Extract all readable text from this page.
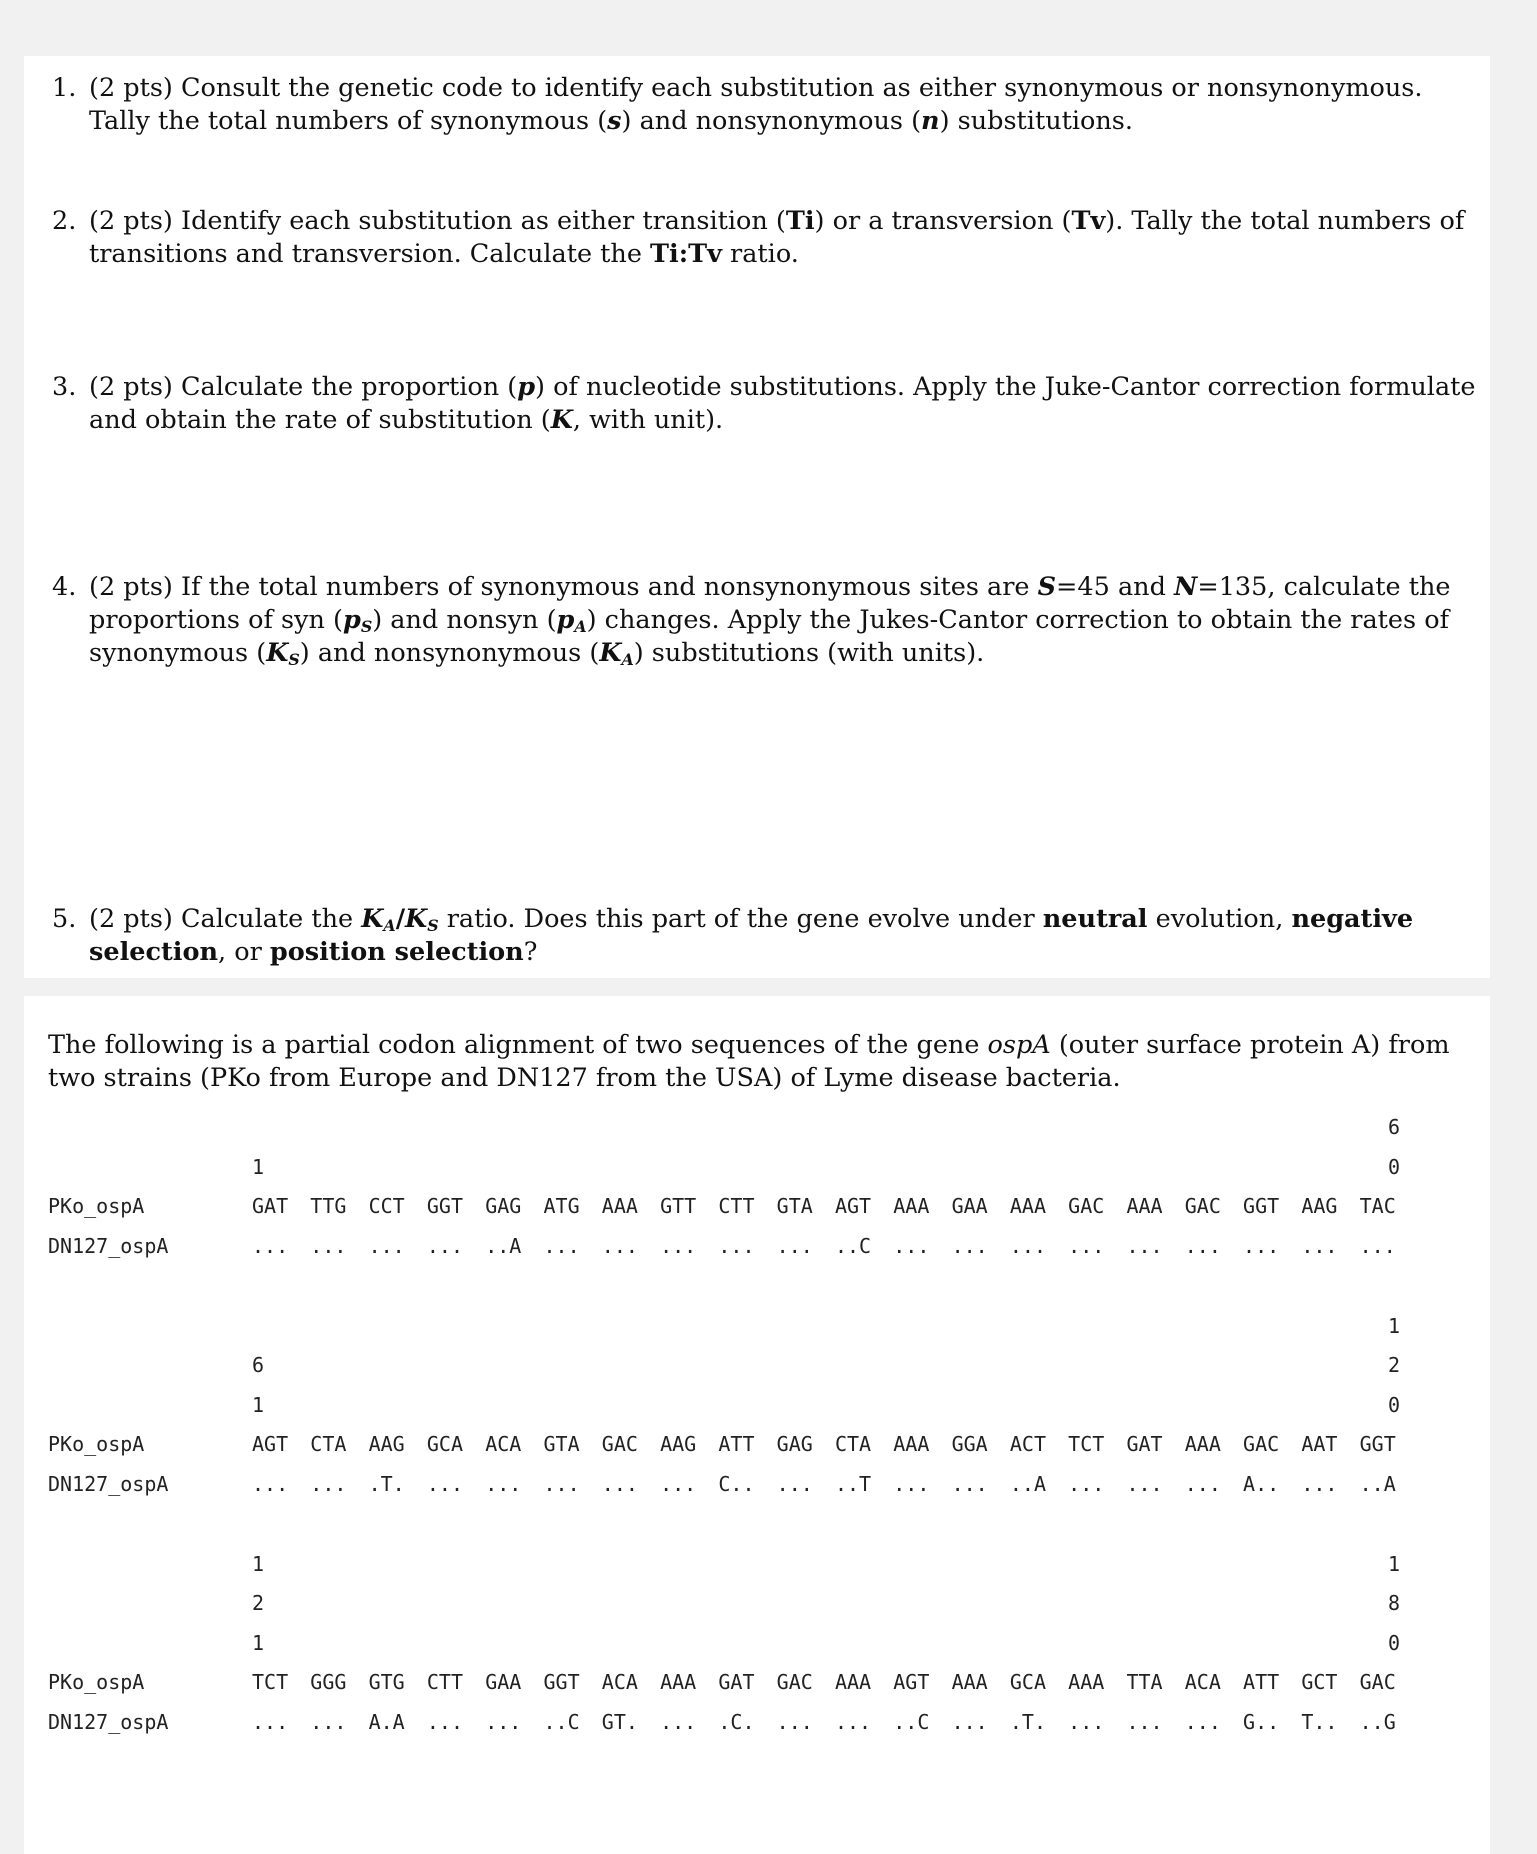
1. (2 pts) Consult the genetic code to identify each substitution as either synonymous or nonsynonymous. Tally the total numbers of synonymous (s) and nonsynonymous (n) substitutions.
2. (2 pts) Identify each substitution as either transition (Ti) or a transversion (Tv). Tally the total numbers of transitions and transversion. Calculate the Ti:Tv ratio.
3. (2 pts) Calculate the proportion (p) of nucleotide substitutions. Apply the Juke-Cantor correction formulate and obtain the rate of substitution (K, with unit).
4. (2 pts) If the total numbers of synonymous and nonsynonymous sites are S=45 and N=135, calculate the proportions of syn $(p_S)$ and nonsyn $(p_A)$ changes. Apply the Jukes-Cantor correction to obtain the rates of synonymous $(K_S)$ and nonsynonymous $(K_A)$ substitutions (with units).
5. (2 pts) Calculate the $K_A/K_S$ ratio. Does this part of the gene evolve under neutral evolution, negative selection, or position selection?
The following is a partial codon alignment of two sequences of the gene ospA (outer surface protein A) from two strains (PKo from Europe and DN127 from the USA) of Lyme disease bacteria.
1
6
0
PKo_ospA	GAT TTG CCT GGT GAG ATG AAA GTT CTT GTA AGT AAA GAA AAA GAC AAA GAC GGT AAG TAC
DN127_ospA	... ... ... ... ..A ... ... ... ... ... ..C ... ... ... ... ... ... ... ... ...
6
1
1
2
0
PKo_ospA	AGT CTA AAG GCA ACA GTA GAC AAG ATT GAG CTA AAA GGA ACT TCT GAT AAA GAC AAT GGT
DN127_ospA	... ... .T. ... ... ... ... ... C.. ... ..T ... ... ..A ... ... ... A.. ... ..A
1
2
1
1
8
0
PKo_ospA	TCT GGG GTG CTT GAA GGT ACA AAA GAT GAC AAA AGT AAA GCA AAA TTA ACA ATT GCT GAC
DN127_ospA	... ... A.A ... ... ..C GT. ... .C. ... ... ..C ... .T. ... ... ... G.. T.. ..G
